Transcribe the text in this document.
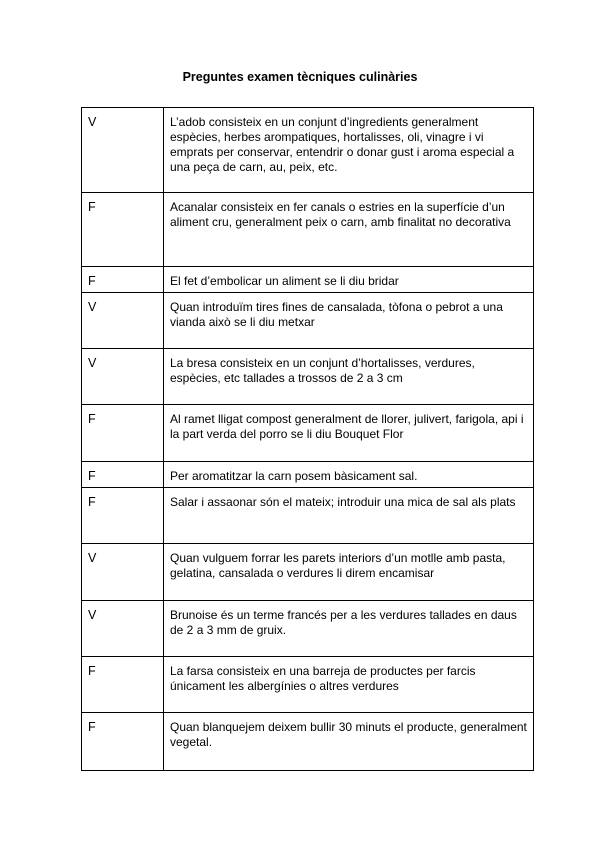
Preguntes examen tècniques culinàries
V	L’adob consisteix en un conjunt d’ingredients generalment espècies, herbes arompatiques, hortalisses, oli, vinagre i vi emprats per conservar, entendrir o donar gust i aroma especial a una peça de carn, au, peix, etc.
F	Acanalar consisteix en fer canals o estries en la superfície d’un aliment cru, generalment peix o carn, amb finalitat no decorativa
F	El fet d’embolicar un aliment se li diu bridar
V	Quan introduïm tires fines de cansalada, tòfona o pebrot a una vianda això se li diu metxar
V	La bresa consisteix en un conjunt d’hortalisses, verdures, espècies, etc tallades a trossos de 2 a 3 cm
F	Al ramet lligat compost generalment de llorer, julivert, farigola, api i la part verda del porro se li diu Bouquet Flor
F	Per aromatitzar la carn posem bàsicament sal.
F	Salar i assaonar són el mateix; introduir una mica de sal als plats
V	Quan vulguem forrar les parets interiors d’un motlle amb pasta, gelatina, cansalada o verdures li direm encamisar
V	Brunoise és un terme francés per a les verdures tallades en daus de 2 a 3 mm de gruix.
F	La farsa consisteix en una barreja de productes per farcis únicament les albergínies o altres verdures
F	Quan blanquejem deixem bullir 30 minuts el producte, generalment vegetal.
